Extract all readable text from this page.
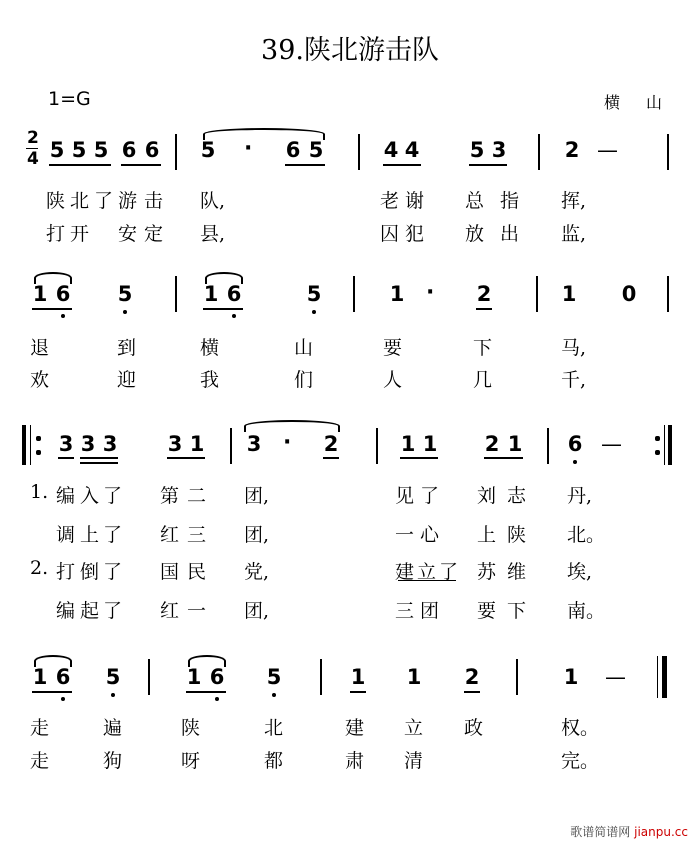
39.陕北游击队
1=G	横山
2
4 5 5 5 6 6 5 · 6 5	4 4 5 3	2 —
陕 北 了 游 击 队,	老 谢 总 指 挥,
打 开 安 定 县,	囚 犯 放 出 监,
1 6 5	1 6	5	1 · 2	1 0
退	到	横	山	要	下	马,
欢	迎	我	们	人	几	千,
3 3 3 3 1 3 · 2	1 1 2 1 6 —
1. 编 入 了 第 二 团,	见 了 刘 志 丹,
调 上 了 红 三 团,	一 心 上 陕 北。
2. 打 倒 了 国 民 党,	建 立 了 苏 维 埃,
编 起 了 红 一 团,	三 团 要 下 南。
1 6 5	1 6 5	1 1 2	1 —
走	遍	陕	北	建 立 政	权。
走	狗	呀	都	肃 清	完。
歌谱简谱网 jianpu.cc
